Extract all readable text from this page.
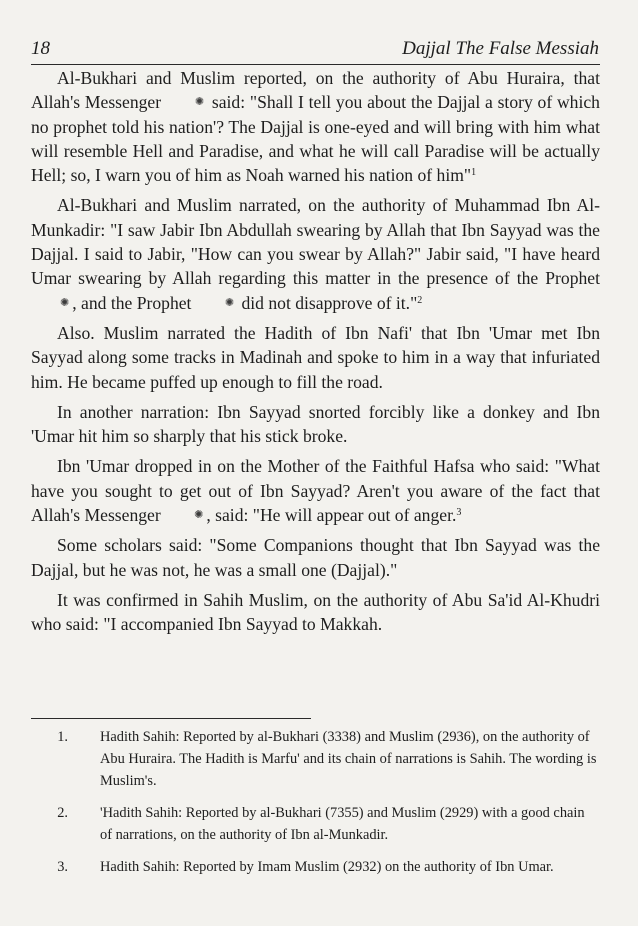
18	Dajjal The False Messiah

Al-Bukhari and Muslim reported, on the authority of Abu Huraira, that Allah's Messenger	✺ said: "Shall I tell you about the Dajjal a story of which no prophet told his nation'? The Dajjal is one-eyed and will bring with him what will resemble Hell and Paradise, and what he will call Paradise will be actually Hell; so, I warn you of him as Noah warned his nation of him"$^1$

Al-Bukhari and Muslim narrated, on the authority of Muhammad Ibn Al-Munkadir: "I saw Jabir Ibn Abdullah swearing by Allah that Ibn Sayyad was the Dajjal. I said to Jabir, "How can you swear by Allah?" Jabir said, "I have heard Umar swearing by Allah regarding this matter in the presence of the Prophet ✺ , and the Prophet	✺ did not disapprove of it."$^2$

Also. Muslim narrated the Hadith of Ibn Nafi' that Ibn 'Umar met Ibn Sayyad along some tracks in Madinah and spoke to him in a way that infuriated him. He became puffed up enough to fill the road.

In another narration: Ibn Sayyad snorted forcibly like a donkey and Ibn 'Umar hit him so sharply that his stick broke.

Ibn 'Umar dropped in on the Mother of the Faithful Hafsa who said: "What have you sought to get out of Ibn Sayyad? Aren't you aware of the fact that Allah's Messenger	✺ , said: "He will appear out of anger.$^3$

Some scholars said: "Some Companions thought that Ibn Sayyad was the Dajjal, but he was not, he was a small one (Dajjal)."

It was confirmed in Sahih Muslim, on the authority of Abu Sa'id Al-Khudri who said: "I accompanied Ibn Sayyad to Makkah.

1.	Hadith Sahih: Reported by al-Bukhari (3338) and Muslim (2936), on the authority of Abu Huraira. The Hadith is Marfu' and its chain of narrations is Sahih. The wording is Muslim's.
2.	'Hadith Sahih: Reported by al-Bukhari (7355) and Muslim (2929) with a good chain of narrations, on the authority of Ibn al-Munkadir.
3.	Hadith Sahih: Reported by Imam Muslim (2932) on the authority of Ibn Umar.
